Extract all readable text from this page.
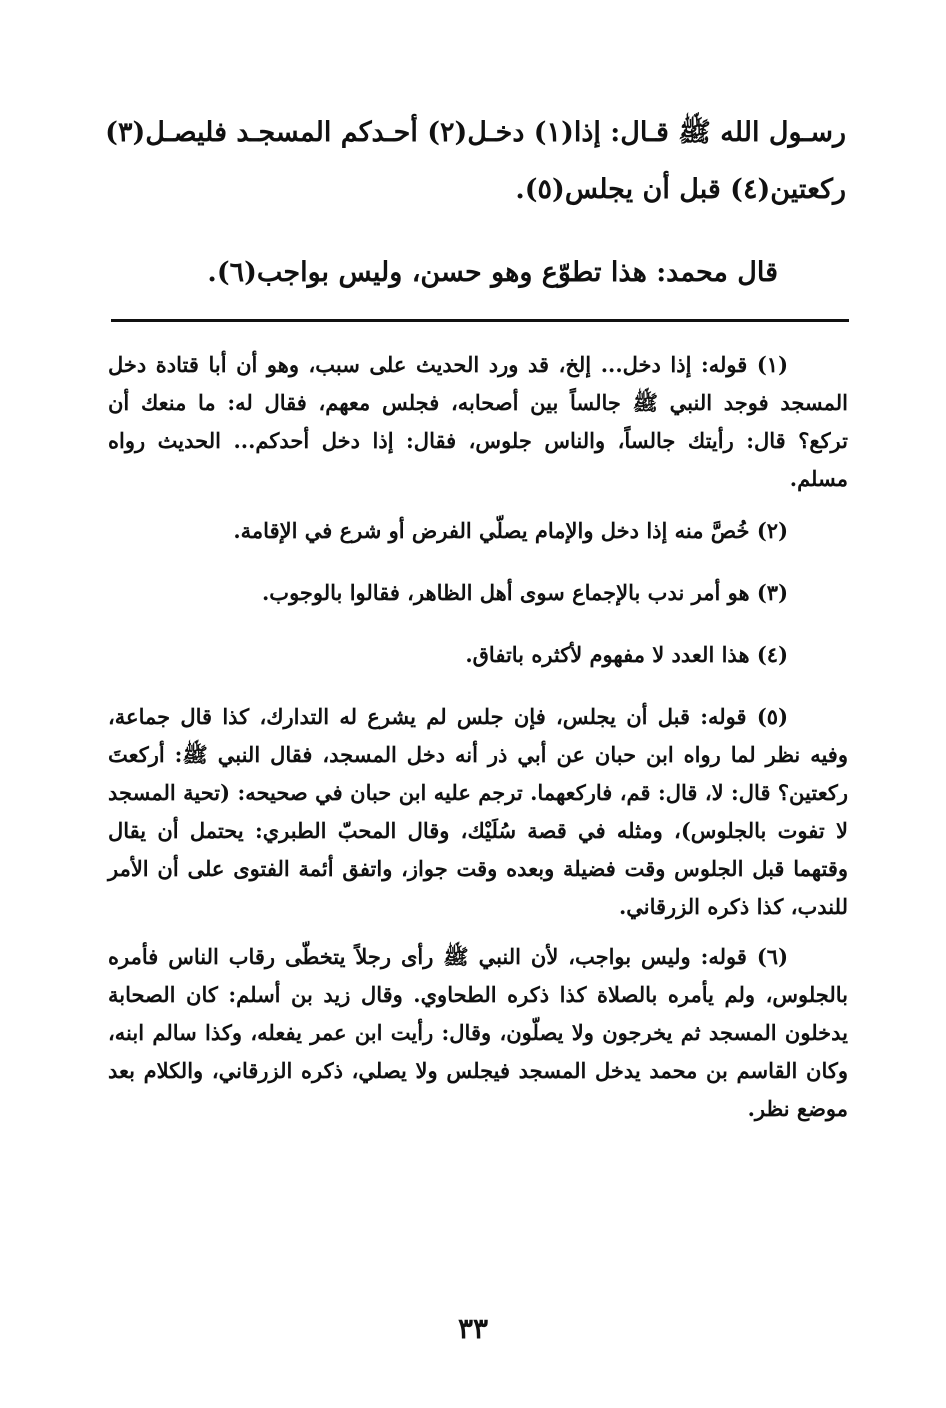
رسـول الله ﷺ قـال: إذا(١) دخـل(٢) أحـدكم المسجـد فليصـل(٣)
ركعتين(٤) قبل أن يجلس(٥).

قال محمد: هذا تطوّع وهو حسن، وليس بواجب(٦).

(١) قوله: إذا دخل... إلخ، قد ورد الحديث على سبب، وهو أن أبا قتادة دخل المسجد فوجد النبي ﷺ جالساً بين أصحابه، فجلس معهم، فقال له: ما منعك أن تركع؟ قال: رأيتك جالساً، والناس جلوس، فقال: إذا دخل أحدكم... الحديث رواه مسلم.

(٢) خُصَّ منه إذا دخل والإمام يصلّي الفرض أو شرع في الإقامة.

(٣) هو أمر ندب بالإجماع سوى أهل الظاهر، فقالوا بالوجوب.

(٤) هذا العدد لا مفهوم لأكثره باتفاق.

(٥) قوله: قبل أن يجلس، فإن جلس لم يشرع له التدارك، كذا قال جماعة، وفيه نظر لما رواه ابن حبان عن أبي ذر أنه دخل المسجد، فقال النبي ﷺ: أركعتَ ركعتين؟ قال: لا، قال: قم، فاركعهما. ترجم عليه ابن حبان في صحيحه: (تحية المسجد لا تفوت بالجلوس)، ومثله في قصة سُلَيْك، وقال المحبّ الطبري: يحتمل أن يقال وقتهما قبل الجلوس وقت فضيلة وبعده وقت جواز، واتفق أئمة الفتوى على أن الأمر للندب، كذا ذكره الزرقاني.

(٦) قوله: وليس بواجب، لأن النبي ﷺ رأى رجلاً يتخطّى رقاب الناس فأمره بالجلوس، ولم يأمره بالصلاة كذا ذكره الطحاوي. وقال زيد بن أسلم: كان الصحابة يدخلون المسجد ثم يخرجون ولا يصلّون، وقال: رأيت ابن عمر يفعله، وكذا سالم ابنه، وكان القاسم بن محمد يدخل المسجد فيجلس ولا يصلي، ذكره الزرقاني، والكلام بعد موضع نظر.

٣٣
